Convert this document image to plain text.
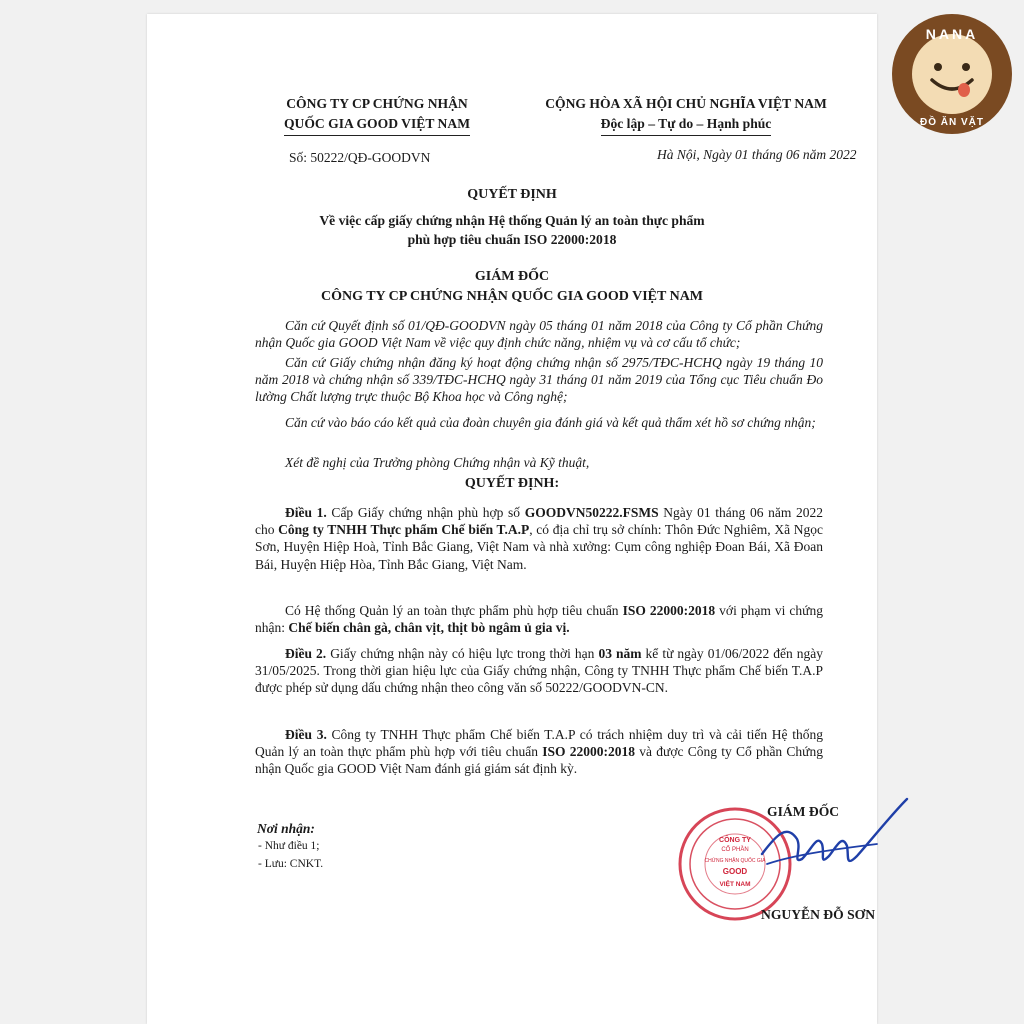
CÔNG TY CP CHỨNG NHẬN
QUỐC GIA GOOD VIỆT NAM
CỘNG HÒA XÃ HỘI CHỦ NGHĨA VIỆT NAM
Độc lập – Tự do – Hạnh phúc
Số: 50222/QĐ-GOODVN	Hà Nội, Ngày 01 tháng 06 năm 2022
QUYẾT ĐỊNH
Về việc cấp giấy chứng nhận Hệ thống Quản lý an toàn thực phẩm
phù hợp tiêu chuẩn ISO 22000:2018
GIÁM ĐỐC
CÔNG TY CP CHỨNG NHẬN QUỐC GIA GOOD VIỆT NAM
Căn cứ Quyết định số 01/QĐ-GOODVN ngày 05 tháng 01 năm 2018 của Công ty Cổ phần Chứng nhận Quốc gia GOOD Việt Nam về việc quy định chức năng, nhiệm vụ và cơ cấu tổ chức;
Căn cứ Giấy chứng nhận đăng ký hoạt động chứng nhận số 2975/TĐC-HCHQ ngày 19 tháng 10 năm 2018 và chứng nhận số 339/TĐC-HCHQ ngày 31 tháng 01 năm 2019 của Tổng cục Tiêu chuẩn Đo lường Chất lượng trực thuộc Bộ Khoa học và Công nghệ;
Căn cứ vào báo cáo kết quả của đoàn chuyên gia đánh giá và kết quả thẩm xét hồ sơ chứng nhận;
Xét đề nghị của Trưởng phòng Chứng nhận và Kỹ thuật,
QUYẾT ĐỊNH:
Điều 1. Cấp Giấy chứng nhận phù hợp số GOODVN50222.FSMS Ngày 01 tháng 06 năm 2022 cho Công ty TNHH Thực phẩm Chế biến T.A.P, có địa chỉ trụ sở chính: Thôn Đức Nghiêm, Xã Ngọc Sơn, Huyện Hiệp Hoà, Tỉnh Bắc Giang, Việt Nam và nhà xưởng: Cụm công nghiệp Đoan Bái, Xã Đoan Bái, Huyện Hiệp Hòa, Tỉnh Bắc Giang, Việt Nam.
Có Hệ thống Quản lý an toàn thực phẩm phù hợp tiêu chuẩn ISO 22000:2018 với phạm vi chứng nhận: Chế biến chân gà, chân vịt, thịt bò ngâm ủ gia vị.
Điều 2. Giấy chứng nhận này có hiệu lực trong thời hạn 03 năm kể từ ngày 01/06/2022 đến ngày 31/05/2025. Trong thời gian hiệu lực của Giấy chứng nhận, Công ty TNHH Thực phẩm Chế biến T.A.P được phép sử dụng dấu chứng nhận theo công văn số 50222/GOODVN-CN.
Điều 3. Công ty TNHH Thực phẩm Chế biến T.A.P có trách nhiệm duy trì và cải tiến Hệ thống Quản lý an toàn thực phẩm phù hợp với tiêu chuẩn ISO 22000:2018 và được Công ty Cổ phần Chứng nhận Quốc gia GOOD Việt Nam đánh giá giám sát định kỳ.
Nơi nhận:
- Như điều 1;
- Lưu: CNKT.
CÔNG TY
CỔ PHẦN
CHỨNG NHẬN QUỐC GIA
GOOD
VIỆT NAM
GIÁM ĐỐC
NGUYỄN ĐỖ SƠN
NANA
ĐỒ ĂN VẶT
